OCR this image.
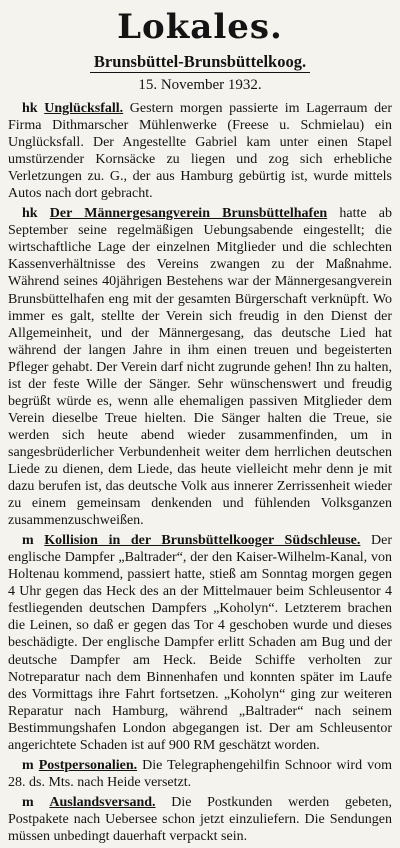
Lokales.
Brunsbüttel-Brunsbüttelkoog.
15. November 1932.

hk Unglücksfall. Gestern morgen passierte im Lagerraum der Firma Dithmarscher Mühlenwerke (Freese u. Schmielau) ein Unglücksfall. Der Angestellte Gabriel kam unter einen Stapel umstürzender Kornsäcke zu liegen und zog sich erhebliche Verletzungen zu. G., der aus Hamburg gebürtig ist, wurde mittels Autos nach dort gebracht.

hk Der Männergesangverein Brunsbüttelhafen hatte ab September seine regelmäßigen Uebungsabende eingestellt; die wirtschaftliche Lage der einzelnen Mitglieder und die schlechten Kassenverhältnisse des Vereins zwangen zu der Maßnahme. Während seines 40jährigen Bestehens war der Männergesangverein Brunsbüttelhafen eng mit der gesamten Bürgerschaft verknüpft. Wo immer es galt, stellte der Verein sich freudig in den Dienst der Allgemeinheit, und der Männergesang, das deutsche Lied hat während der langen Jahre in ihm einen treuen und begeisterten Pfleger gehabt. Der Verein darf nicht zugrunde gehen! Ihn zu halten, ist der feste Wille der Sänger. Sehr wünschenswert und freudig begrüßt würde es, wenn alle ehemaligen passiven Mitglieder dem Verein dieselbe Treue hielten. Die Sänger halten die Treue, sie werden sich heute abend wieder zusammenfinden, um in sangesbrüderlicher Verbundenheit weiter dem herrlichen deutschen Liede zu dienen, dem Liede, das heute vielleicht mehr denn je mit dazu berufen ist, das deutsche Volk aus innerer Zerrissenheit wieder zu einem gemeinsam denkenden und fühlenden Volksganzen zusammenzuschweißen.

m Kollision in der Brunsbüttelkooger Südschleuse. Der englische Dampfer „Baltrader“, der den Kaiser-Wilhelm-Kanal, von Holtenau kommend, passiert hatte, stieß am Sonntag morgen gegen 4 Uhr gegen das Heck des an der Mittelmauer beim Schleusentor 4 festliegenden deutschen Dampfers „Koholyn“. Letzterem brachen die Leinen, so daß er gegen das Tor 4 geschoben wurde und dieses beschädigte. Der englische Dampfer erlitt Schaden am Bug und der deutsche Dampfer am Heck. Beide Schiffe verholten zur Notreparatur nach dem Binnenhafen und konnten später im Laufe des Vormittags ihre Fahrt fortsetzen. „Koholyn“ ging zur weiteren Reparatur nach Hamburg, während „Baltrader“ nach seinem Bestimmungshafen London abgegangen ist. Der am Schleusentor angerichtete Schaden ist auf 900 RM geschätzt worden.

m Postpersonalien. Die Telegraphengehilfin Schnoor wird vom 28. ds. Mts. nach Heide versetzt.

m Auslandsversand. Die Postkunden werden gebeten, Postpakete nach Uebersee schon jetzt einzuliefern. Die Sendungen müssen unbedingt dauerhaft verpackt sein.
